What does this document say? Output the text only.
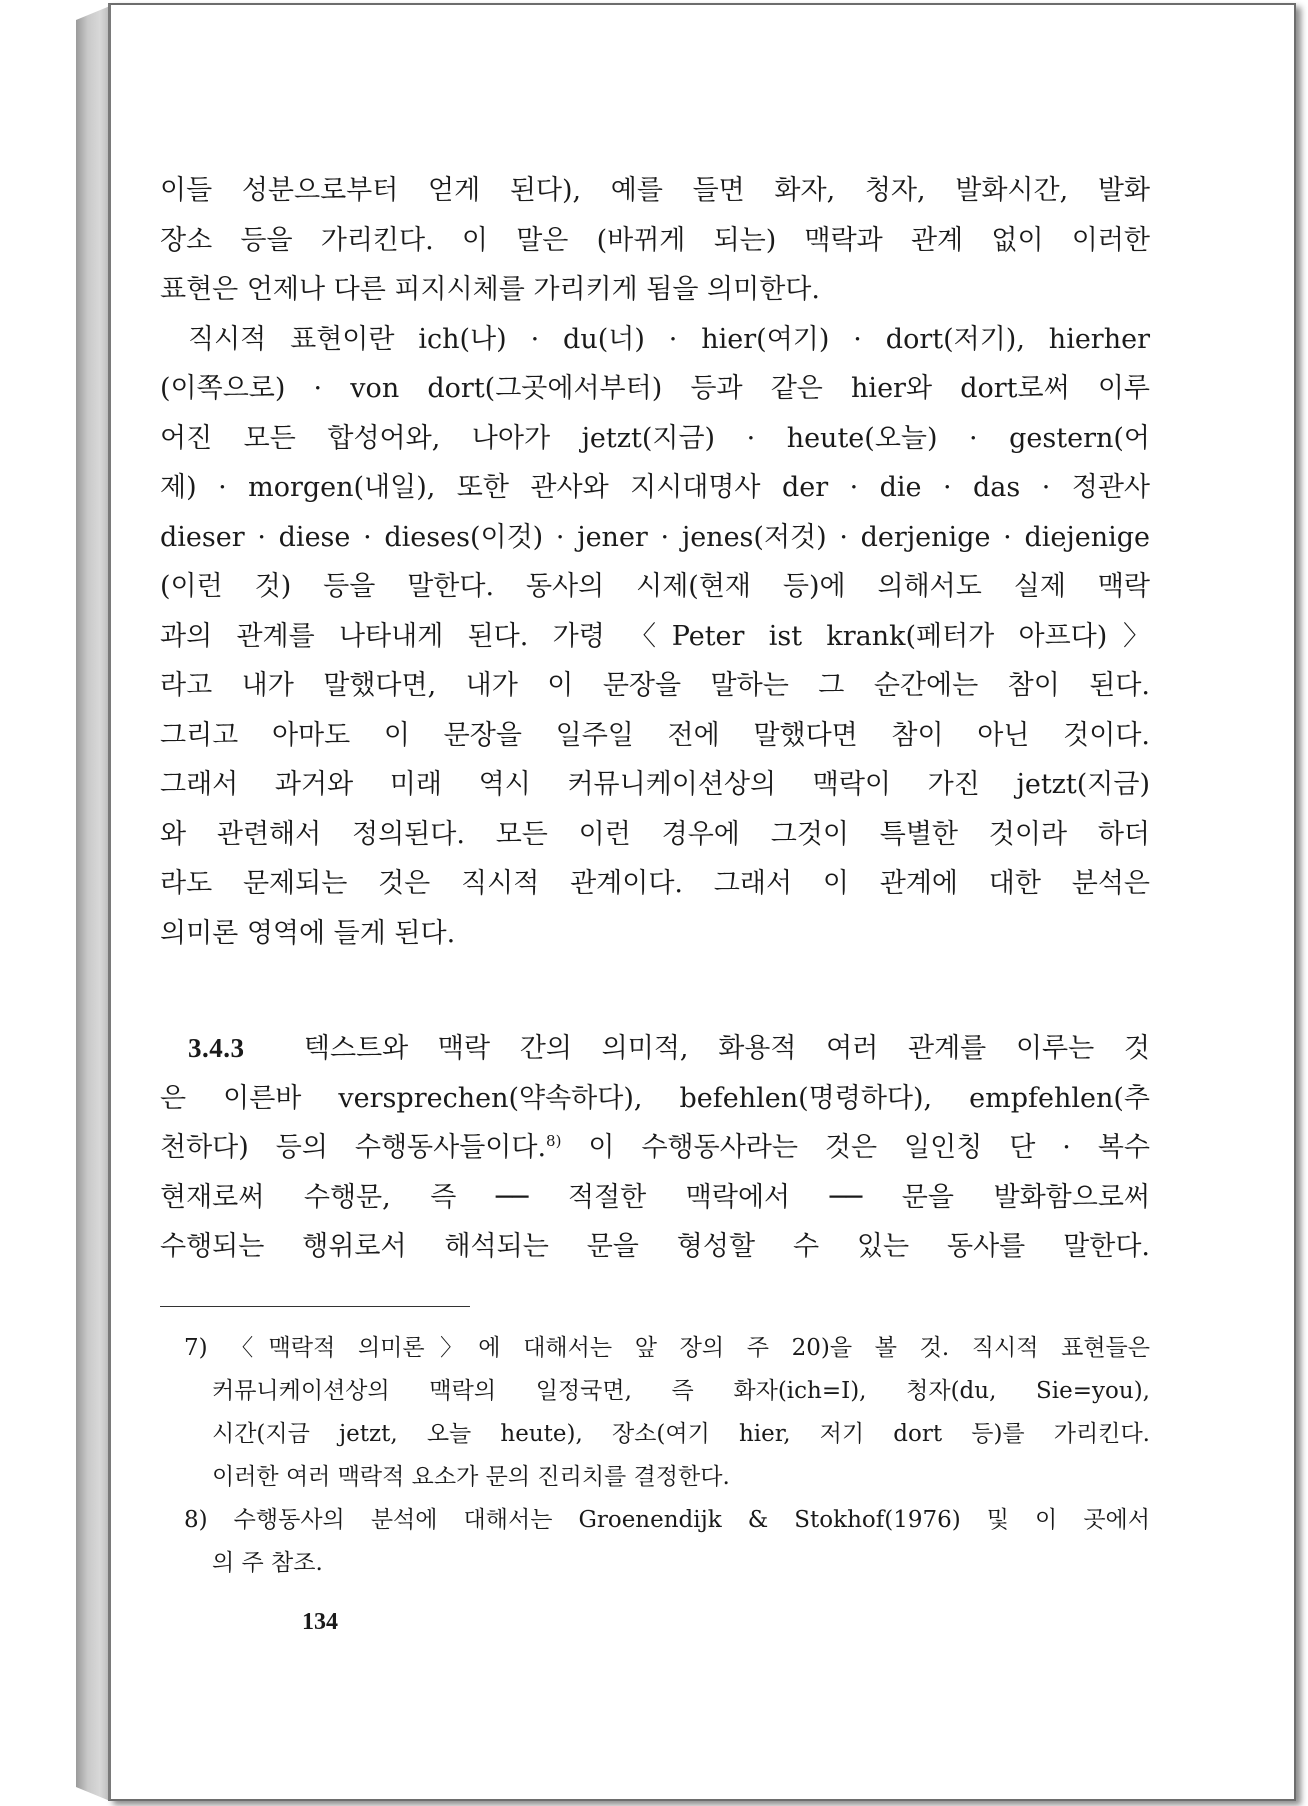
이들 성분으로부터 얻게 된다), 예를 들면 화자, 청자, 발화시간, 발화
장소 등을 가리킨다. 이 말은 (바뀌게 되는) 맥락과 관계 없이 이러한
표현은 언제나 다른 피지시체를 가리키게 됨을 의미한다.

직시적 표현이란 ich(나) · du(너) · hier(여기) · dort(저기), hierher
(이쪽으로) · von dort(그곳에서부터) 등과 같은 hier와 dort로써 이루
어진 모든 합성어와, 나아가 jetzt(지금) · heute(오늘) · gestern(어
제) · morgen(내일), 또한 관사와 지시대명사 der · die · das · 정관사
dieser · diese · dieses(이것) · jener · jenes(저것) · derjenige · diejenige
(이런 것) 등을 말한다. 동사의 시제(현재 등)에 의해서도 실제 맥락
과의 관계를 나타내게 된다. 가령 〈Peter ist krank(페터가 아프다)〉
라고 내가 말했다면, 내가 이 문장을 말하는 그 순간에는 참이 된다.
그리고 아마도 이 문장을 일주일 전에 말했다면 참이 아닌 것이다.
그래서 과거와 미래 역시 커뮤니케이션상의 맥락이 가진 jetzt(지금)
와 관련해서 정의된다. 모든 이런 경우에 그것이 특별한 것이라 하더
라도 문제되는 것은 직시적 관계이다. 그래서 이 관계에 대한 분석은
의미론 영역에 들게 된다.

3.4.3 텍스트와 맥락 간의 의미적, 화용적 여러 관계를 이루는 것
은 이른바 versprechen(약속하다), befehlen(명령하다), empfehlen(추
천하다) 등의 수행동사들이다.$^{8)}$ 이 수행동사라는 것은 일인칭 단 · 복수
현재로써 수행문, 즉 ── 적절한 맥락에서 ── 문을 발화함으로써
수행되는 행위로서 해석되는 문을 형성할 수 있는 동사를 말한다.

7) 〈맥락적 의미론〉에 대해서는 앞 장의 주 20)을 볼 것. 직시적 표현들은
커뮤니케이션상의 맥락의 일정국면, 즉 화자(ich=I), 청자(du, Sie=you),
시간(지금 jetzt, 오늘 heute), 장소(여기 hier, 저기 dort 등)를 가리킨다.
이러한 여러 맥락적 요소가 문의 진리치를 결정한다.
8) 수행동사의 분석에 대해서는 Groenendijk & Stokhof(1976) 및 이 곳에서
의 주 참조.
134
